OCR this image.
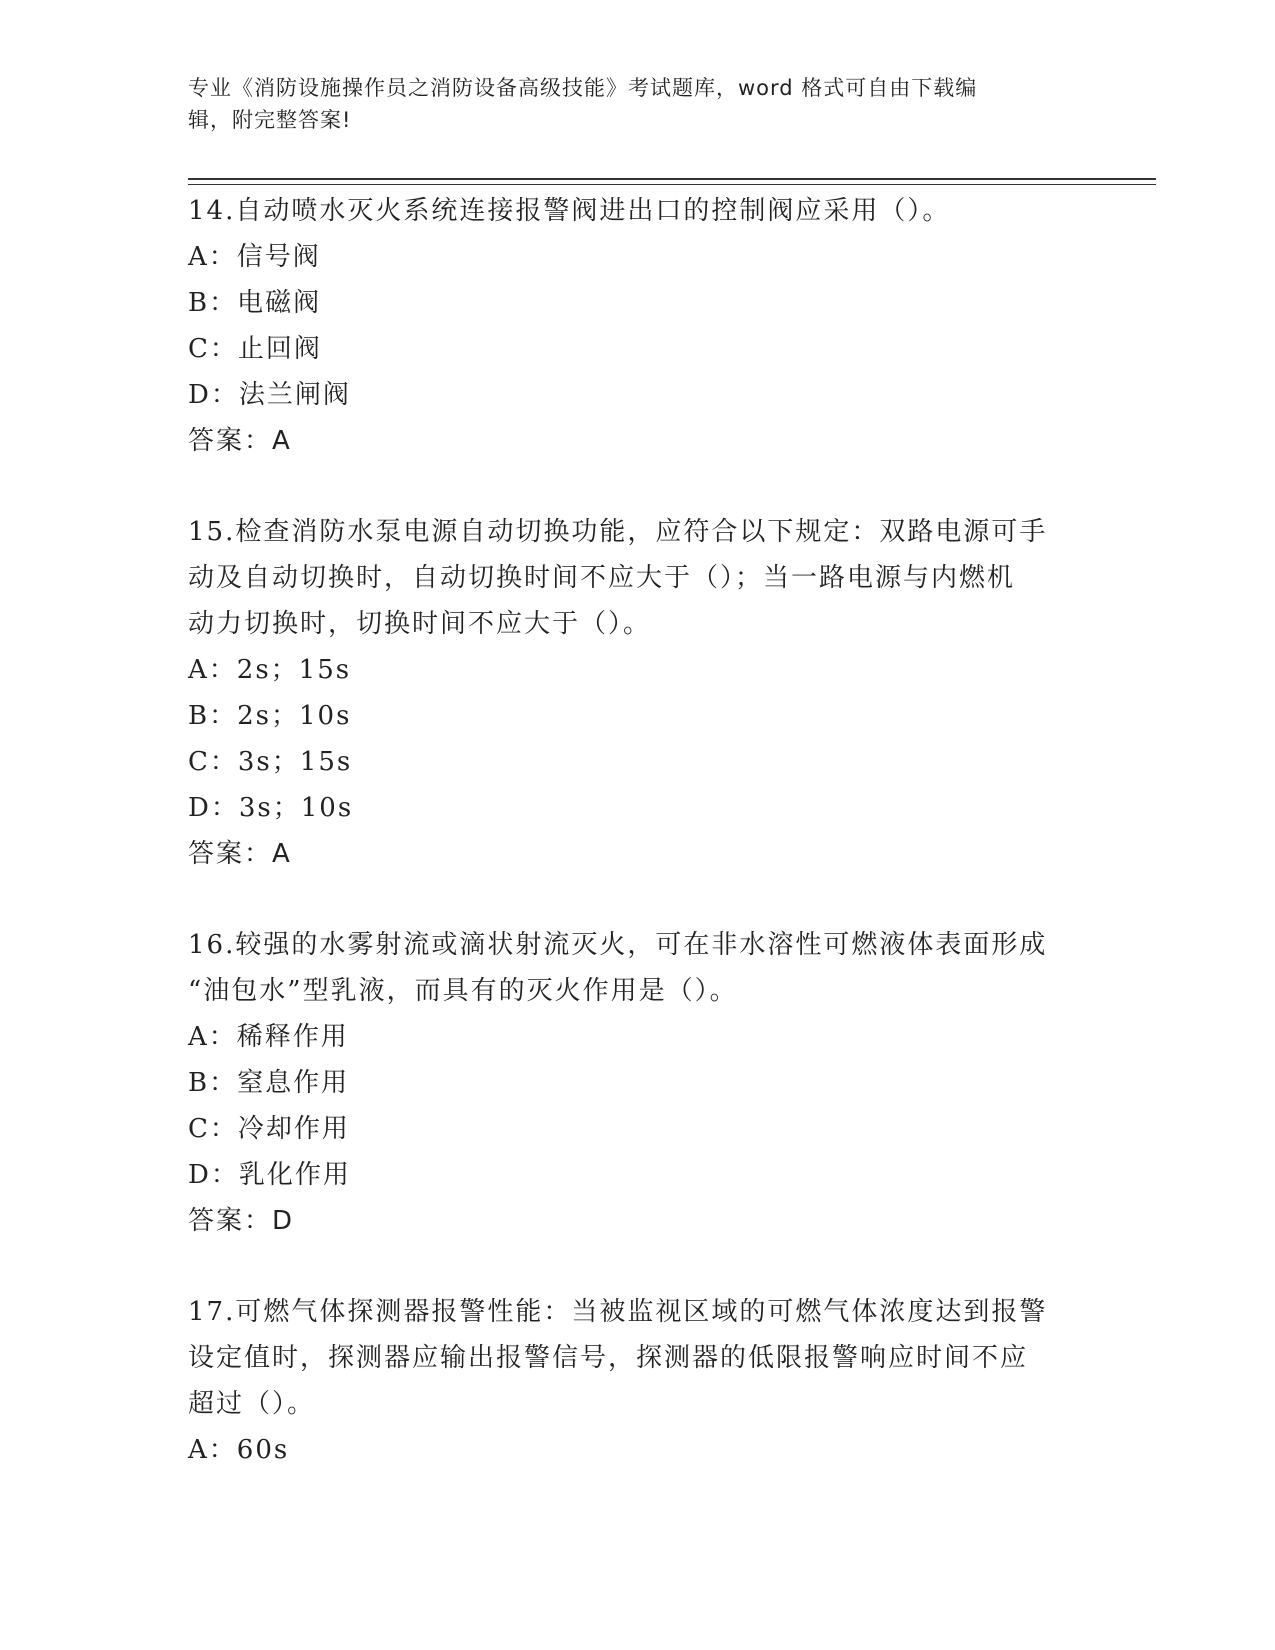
专业《消防设施操作员之消防设备高级技能》考试题库，word 格式可自由下载编
辑，附完整答案!

14.自动喷水灭火系统连接报警阀进出口的控制阀应采用（）。

A：信号阀

B：电磁阀

C：止回阀

D：法兰闸阀

答案：A

15.检查消防水泵电源自动切换功能，应符合以下规定：双路电源可手

动及自动切换时，自动切换时间不应大于（）；当一路电源与内燃机

动力切换时，切换时间不应大于（）。

A：2s；15s

B：2s；10s

C：3s；15s

D：3s；10s

答案：A

16.较强的水雾射流或滴状射流灭火，可在非水溶性可燃液体表面形成

“油包水”型乳液，而具有的灭火作用是（）。

A：稀释作用

B：窒息作用

C：冷却作用

D：乳化作用

答案：D

17.可燃气体探测器报警性能：当被监视区域的可燃气体浓度达到报警

设定值时，探测器应输出报警信号，探测器的低限报警响应时间不应

超过（）。

A：60s
